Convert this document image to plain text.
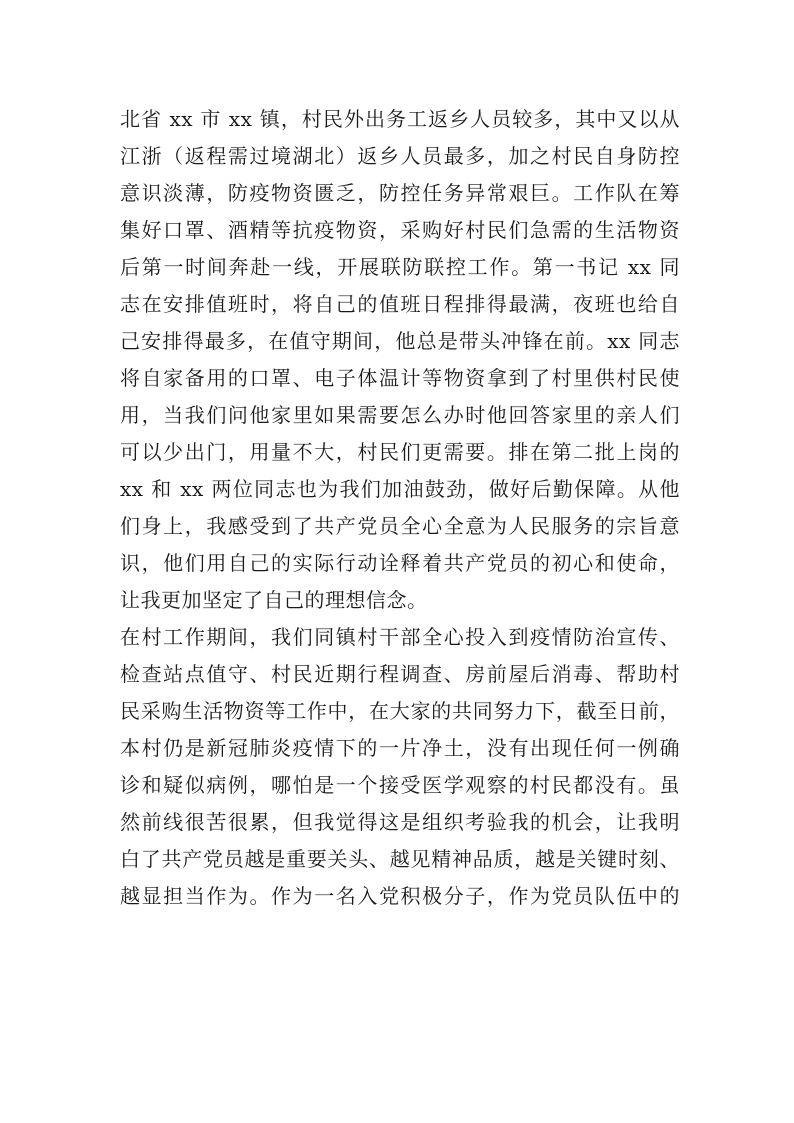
北省 xx 市 xx 镇，村民外出务工返乡人员较多，其中又以从
江浙（返程需过境湖北）返乡人员最多，加之村民自身防控
意识淡薄，防疫物资匮乏，防控任务异常艰巨。工作队在筹
集好口罩、酒精等抗疫物资，采购好村民们急需的生活物资
后第一时间奔赴一线，开展联防联控工作。第一书记 xx 同
志在安排值班时，将自己的值班日程排得最满，夜班也给自
己安排得最多，在值守期间，他总是带头冲锋在前。xx 同志
将自家备用的口罩、电子体温计等物资拿到了村里供村民使
用，当我们问他家里如果需要怎么办时他回答家里的亲人们
可以少出门，用量不大，村民们更需要。排在第二批上岗的
xx 和 xx 两位同志也为我们加油鼓劲，做好后勤保障。从他
们身上，我感受到了共产党员全心全意为人民服务的宗旨意
识，他们用自己的实际行动诠释着共产党员的初心和使命，
让我更加坚定了自己的理想信念。
在村工作期间，我们同镇村干部全心投入到疫情防治宣传、
检查站点值守、村民近期行程调查、房前屋后消毒、帮助村
民采购生活物资等工作中，在大家的共同努力下，截至日前，
本村仍是新冠肺炎疫情下的一片净土，没有出现任何一例确
诊和疑似病例，哪怕是一个接受医学观察的村民都没有。虽
然前线很苦很累，但我觉得这是组织考验我的机会，让我明
白了共产党员越是重要关头、越见精神品质，越是关键时刻、
越显担当作为。作为一名入党积极分子，作为党员队伍中的
